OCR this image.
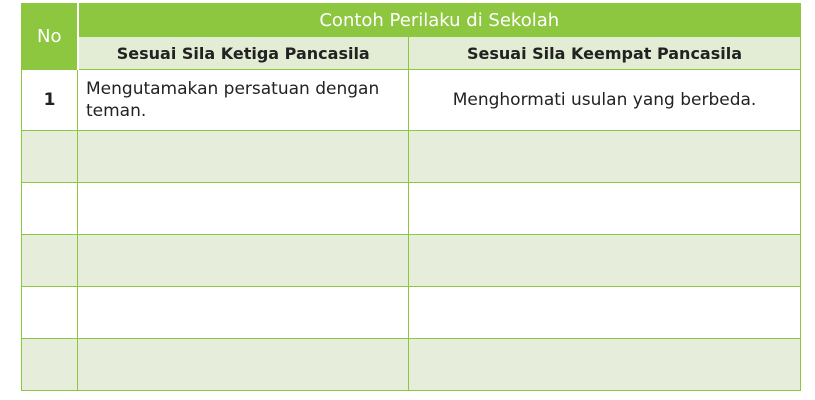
No	Contoh Perilaku di Sekolah	
	Sesuai Sila Ketiga Pancasila	Sesuai Sila Keempat Pancasila
1	Mengutamakan persatuan dengan teman.	Menghormati usulan yang berbeda.
